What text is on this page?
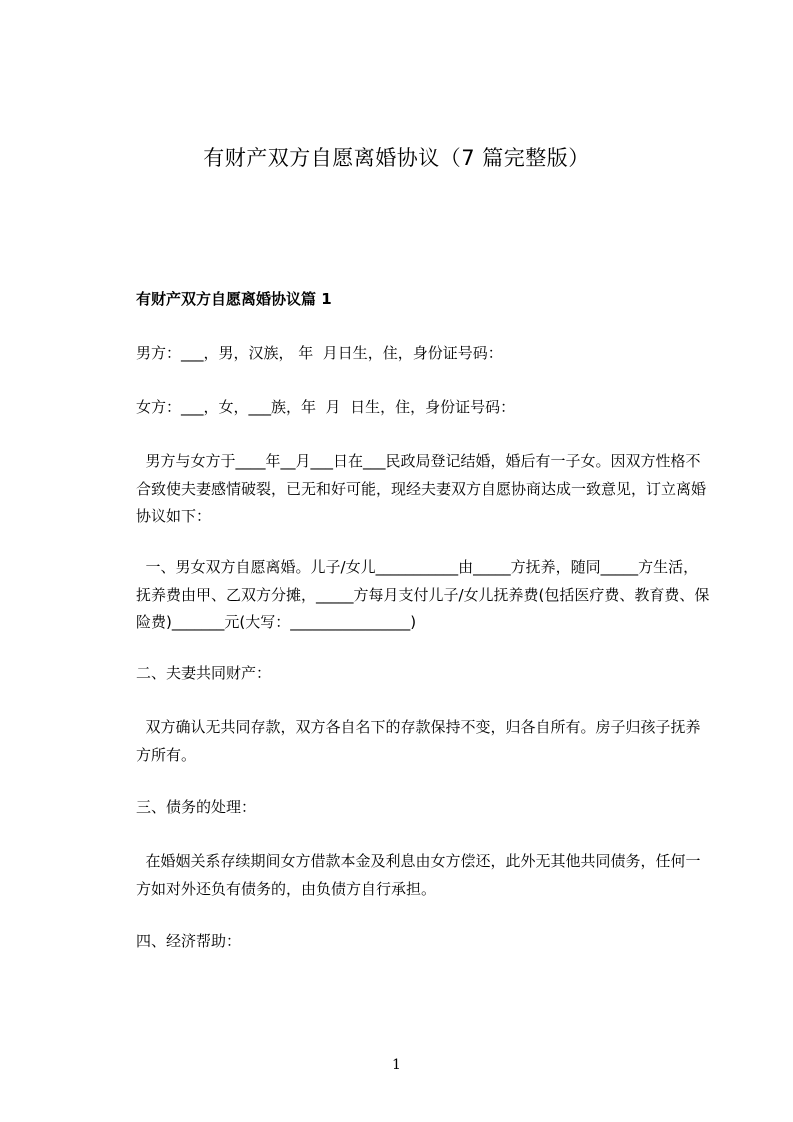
有财产双方自愿离婚协议（7 篇完整版）

有财产双方自愿离婚协议篇 1

男方：___，男，汉族， 年  月日生，住，身份证号码：

女方：___，女，___族，年  月  日生，住，身份证号码：

男方与女方于____年__月___日在___民政局登记结婚，婚后有一子女。因双方性格不合致使夫妻感情破裂，已无和好可能，现经夫妻双方自愿协商达成一致意见，订立离婚协议如下：

一、男女双方自愿离婚。儿子/女儿___________由_____方抚养，随同_____方生活，抚养费由甲、乙双方分摊，_____方每月支付儿子/女儿抚养费(包括医疗费、教育费、保险费)_______元(大写：________________)

二、夫妻共同财产：

双方确认无共同存款，双方各自名下的存款保持不变，归各自所有。房子归孩子抚养方所有。

三、债务的处理：

在婚姻关系存续期间女方借款本金及利息由女方偿还，此外无其他共同债务，任何一方如对外还负有债务的，由负债方自行承担。

四、经济帮助：

1
